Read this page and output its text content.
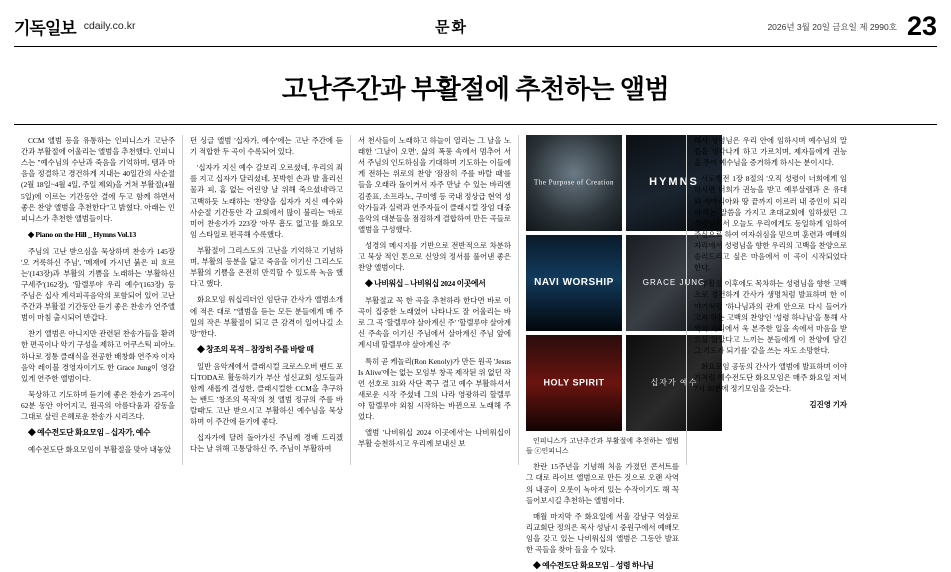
기독일보 cdaily.co.kr	문화	2026년 3월 20일 금요일 제 2990호 23
고난주간과 부활절에 추천하는 앨범

CCM 앨범 등을 유통하는 인피니스가 고난주간과 부활절에 어울리는 앨범을 추천했다. 인피니스는 "예수님의 수난과 죽음을 기억하며, 템과 마음을 정결하고 경건하게 지내는 40일간의 사순절(2월 18일~4월 4일, 주일 제외)을 거쳐 부활절(4월 5일)에 이르는 기간동안 결에 두고 함께 하면서 좋은 찬양 앨범을 추천한다"고 밝혔다. 아래는 인피니스가 추천한 앨범들이다.

◆ Piano on the Hill _ Hymns Vol.13

주님의 고난 받으심을 묵상하며 찬송가 145장 '오 거룩하신 주님', '메재에 가시넌 붉은 피 흐르는'(143장)과 부활의 기쁨을 노래하는 '부활하신 구세주'(162장), '할렐루야 우리 예수'(163장) 등 주님은 십사 계셔피곡음악의 포함되어 있어 고난주간과 부활절 기간동안 듣기 좋은 찬송가 연주앨범이 마침 출시되어 반갑다.

찬기 앨범은 아니지만 관련된 찬송가들을 환려한 편곡이나 악기 구성을 제하고 어쿠스틱 피아노 하나로 정통 클래식을 전공한 배창화 연주자 이자 음악 레이블 경영자이기도 한 Grace Jung이 영감 있게 연주한 앨범이다.

묵상하고 기도하며 듣기에 좋은 찬송가 25곡이 62분 동안 아어지고, 원곡의 아름다움과 감동을 그대로 살린 은혜로운 찬송가 시리즈다.

◆ 예수전도단 화요모임 – 십자가, 예수

예수전도단 화요모임이 부활절을 맞아 내놓았

던 싱글 앨범 '십자가, 예수'에는 고난 주간에 듣기 적합한 두 곡이 수록되어 있다.

'십자가 지신 예수 갈보리 오르셨네, 우리의 죄를 지고 십자가 달리셨네, 못박힌 손과 발 흘리신 물과 피, 홈 없는 어린양 날 위해 죽으셨네'라고 고백하듯 노래하는 '찬양을 십자가 지신 예수와 사순절 기간동안 각 교회에서 많이 불리는 '바로미어 찬송가가 223장 '아무 흠도 없고'를 화요모임 스타일로 편곡해 수록했다.

부활절이 그리스도의 고난을 기억하고 기념하며, 부활의 등분을 닮고 죽음을 이기신 그리스도 부활의 기쁨을 온전히 만끽할 수 있도록 녹음 했다고 했다.

화요모임 워십리더인 임단규 간사가 앨범소개에 적은 대로 "앨범을 듣는 모든 분들에게 매 주일의 작은 부활절이 되고 큰 감격이 일어나길 소망"한다.

◆ 창조의 목적 – 참장히 주를 바랄 때

일반 음악계에서 클래시컬 크로스오버 밴드 포디TODA로 활동하기가 부산 성신교회 성도들과 함께 새롭게 결성한, 클래시컬한 CCM을 추구하는 밴드 '창조의 목적'의 첫 앨범 정규의 주를 바랄때'도 고난 받으시고 부활하신 예수님을 묵상하며 이 주간에 듣기에 좋다.

십자가에 달려 돌아가신 주님께 경배 드리겠 다는 날 위해 고통당하신 주, 주님이 부활하여

서 천사들이 노래하고 하늘이 열리는 그 날을 노래한 '그날이 오면', 삶의 폭풍 속에서 멈추어 서서 주님의 인도하심을 기대하며 기도하는 이들에게 전하는 위로의 찬양 '잠잠히 주를 바랄 때'를 들을 오래라 돌이켜서 자주 만날 수 있는 바리엔 김종표, 소프라노, 구미엥 등 국내 정상급 현역 성악가들과 실력과 연주자들이 클래시컬 장엄 대중음악의 대분들을 점검하게 결합하여 만든 곡들로 앨범을 구성했다.

성경의 메시지를 기반으로 전반적으로 차분하고 묵상 적인 톤으로 신앙의 정서를 풀어낸 좋은 찬양 앨범이다.

◆ 나비워십 – 나비워십 2024 이곳에서

부활절교 꼭 한 곡을 추천하라 한다면 바로 이곡이 집중한 노래였어 나타나도 잘 어울리는 바로 그 곡 '할렐루야 살아계신 주' '할렐루야 살아계신 주속을 이기신 주님에서 살아계신 주님 앞에 계시네 할렐루야 살아계신 주'

특히 곧 케놀리(Ron Kenoly)가 만든 원곡 'Jesus Is Alive'에는 없는 모임부 창곡 제작된 위 없던 작언 선호로 31와 사단 쪽구 결고 예수 부활하셔서 새로운 시작 주셨네 그의 나라 영광하리 할렐루야 할렐루야 외침 시작하는 바뀐으로 노래해 주었다.

앨범 '나비워십 2024 이곳에서'는 나비워십이 부활 승천하시고 우리께 보내신 보

The Purpose of Creation	HYMNS
NAVI WORSHIP	GRACE JUNG
HOLY SPIRIT	십자가 예수

인피니스가 고난주간과 부활절에 추천하는 앨범들 ⓒ인피니스

찬란 15주년을 기념해 처음 가졌던 콘서트를 그 대로 라이브 앨범으로 만든 것으로 오랜 사역의 내공이 오롯이 녹아져 있는 수작이기도 해 꼭 들어보시길 추천하는 앨범이다.

매월 마지막 주 화요일에 서울 강남구 역삼로 리교회단 정의은 목사 성남시 중원구에서 예배모임을 갖고 있는 나비워십의 앨범은 그동안 발표한 곡들을 찾아 들을 수 있다.

◆ 예수전도단 화요모임 – 성령 하나님

혜사 성령님은 우리 안에 임하시며 예수님의 말씀을 생각나게 하고 가르치며, 제자들에게 권능을 주어 예수님을 증거하게 하시는 분이시다.

사도행전 1장 8절의 '오직 성령이 너희에게 임하시면 너희가 권능을 받고 예루살렘과 온 유대와 사마리아와 땅 끝까지 이르러 내 증인이 되리라'라는 말씀을 가지고 초대교회에 임하셨던 그 성령님께서 오늘도 우리에게도 동일하게 임하여 주심으로 하여 여자쉬심을 믿으며 훈련과 예배의 자리에서 성령님을 향한 우리의 고백을 찬양으로 솔러드리고 싶은 마음에서 이 곡이 시작되었다 한다.

부활절 이후에도 목차하는 성령님을 향한 고백으로 경건하게 간사가 생명처럼 발표하며 한 이야기처럼 '하나님과의 관계 안으로 다시 들어가고자 하는 고백의 찬양인 '성령 하나님'을 통해 사역의 자리에서 욱 본주한 일을 속에서 마음을 받으심 않았다고 느끼는 분들에게 이 찬양에 담긴 그 기도가 되기를' 같을 쓰는 자도 소망한다.

화요모임 공동의 간사가 앨범에 발표하며 이야기처럼 예수전도단 화요모임은 매주 화요일 저녁 7시 30분에 정기모임을 갖는다.

김진영 기자
